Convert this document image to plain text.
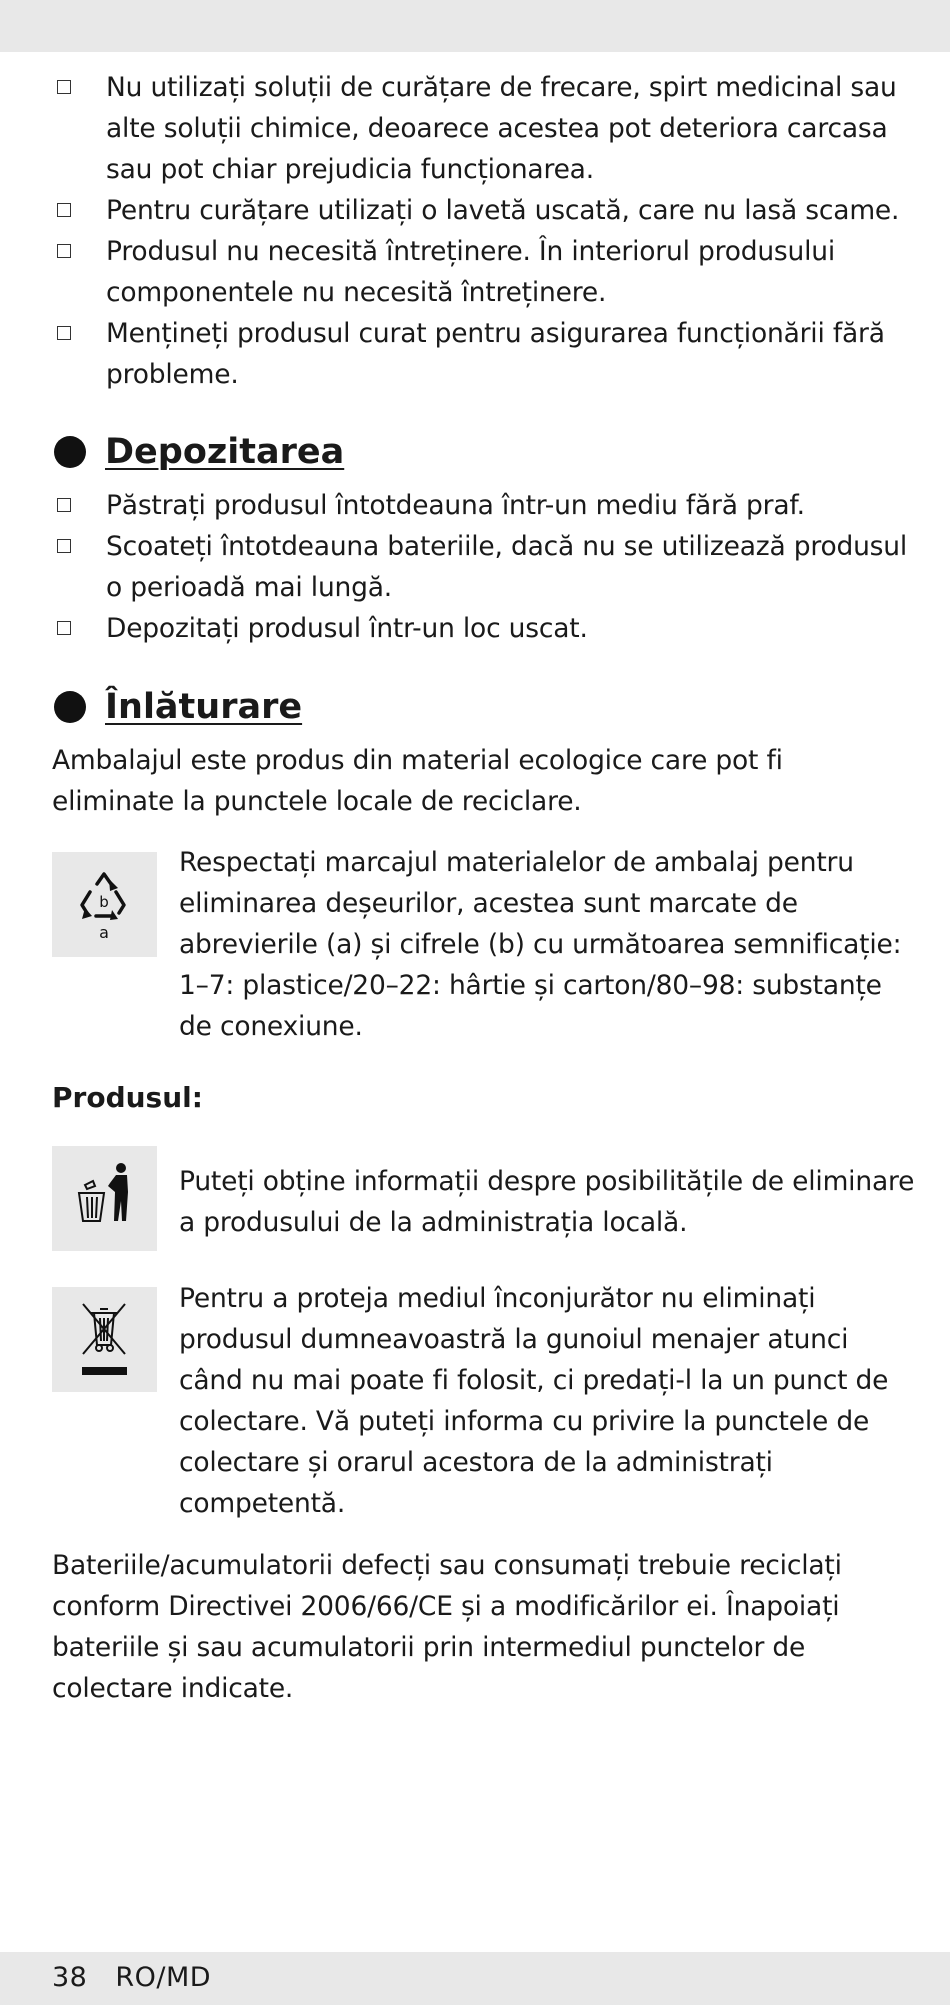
Nu utilizați soluții de curățare de frecare, spirt medicinal sau alte soluții chimice, deoarece acestea pot deteriora carcasa sau pot chiar prejudicia funcționarea.
Pentru curățare utilizați o lavetă uscată, care nu lasă scame.
Produsul nu necesită întreținere. În interiorul produsului componentele nu necesită întreținere.
Mențineți produsul curat pentru asigurarea funcționării fără probleme.
Depozitarea
Păstrați produsul întotdeauna într-un mediu fără praf.
Scoateți întotdeauna bateriile, dacă nu se utilizează produsul o perioadă mai lungă.
Depozitați produsul într-un loc uscat.
Înlăturare

Ambalajul este produs din material ecologice care pot fi eliminate la punctele locale de reciclare.

b
a

Respectați marcajul materialelor de ambalaj pentru eliminarea deșeurilor, acestea sunt marcate de abrevierile (a) și cifrele (b) cu următoarea semnificație: 1–7: plastice/20–22: hârtie și carton/80–98: substanțe de conexiune.

Produsul:

Puteți obține informații despre posibilitățile de eliminare a produsului de la administrația locală.

Pentru a proteja mediul înconjurător nu eliminați produsul dumneavoastră la gunoiul menajer atunci când nu mai poate fi folosit, ci predați-l la un punct de colectare. Vă puteți informa cu privire la punctele de colectare și orarul acestora de la administrați competentă.

Bateriile/acumulatorii defecți sau consumați trebuie reciclați conform Directivei 2006/66/CE și a modificărilor ei. Înapoiați bateriile și sau acumulatorii prin intermediul punctelor de colectare indicate.

38 RO/MD
